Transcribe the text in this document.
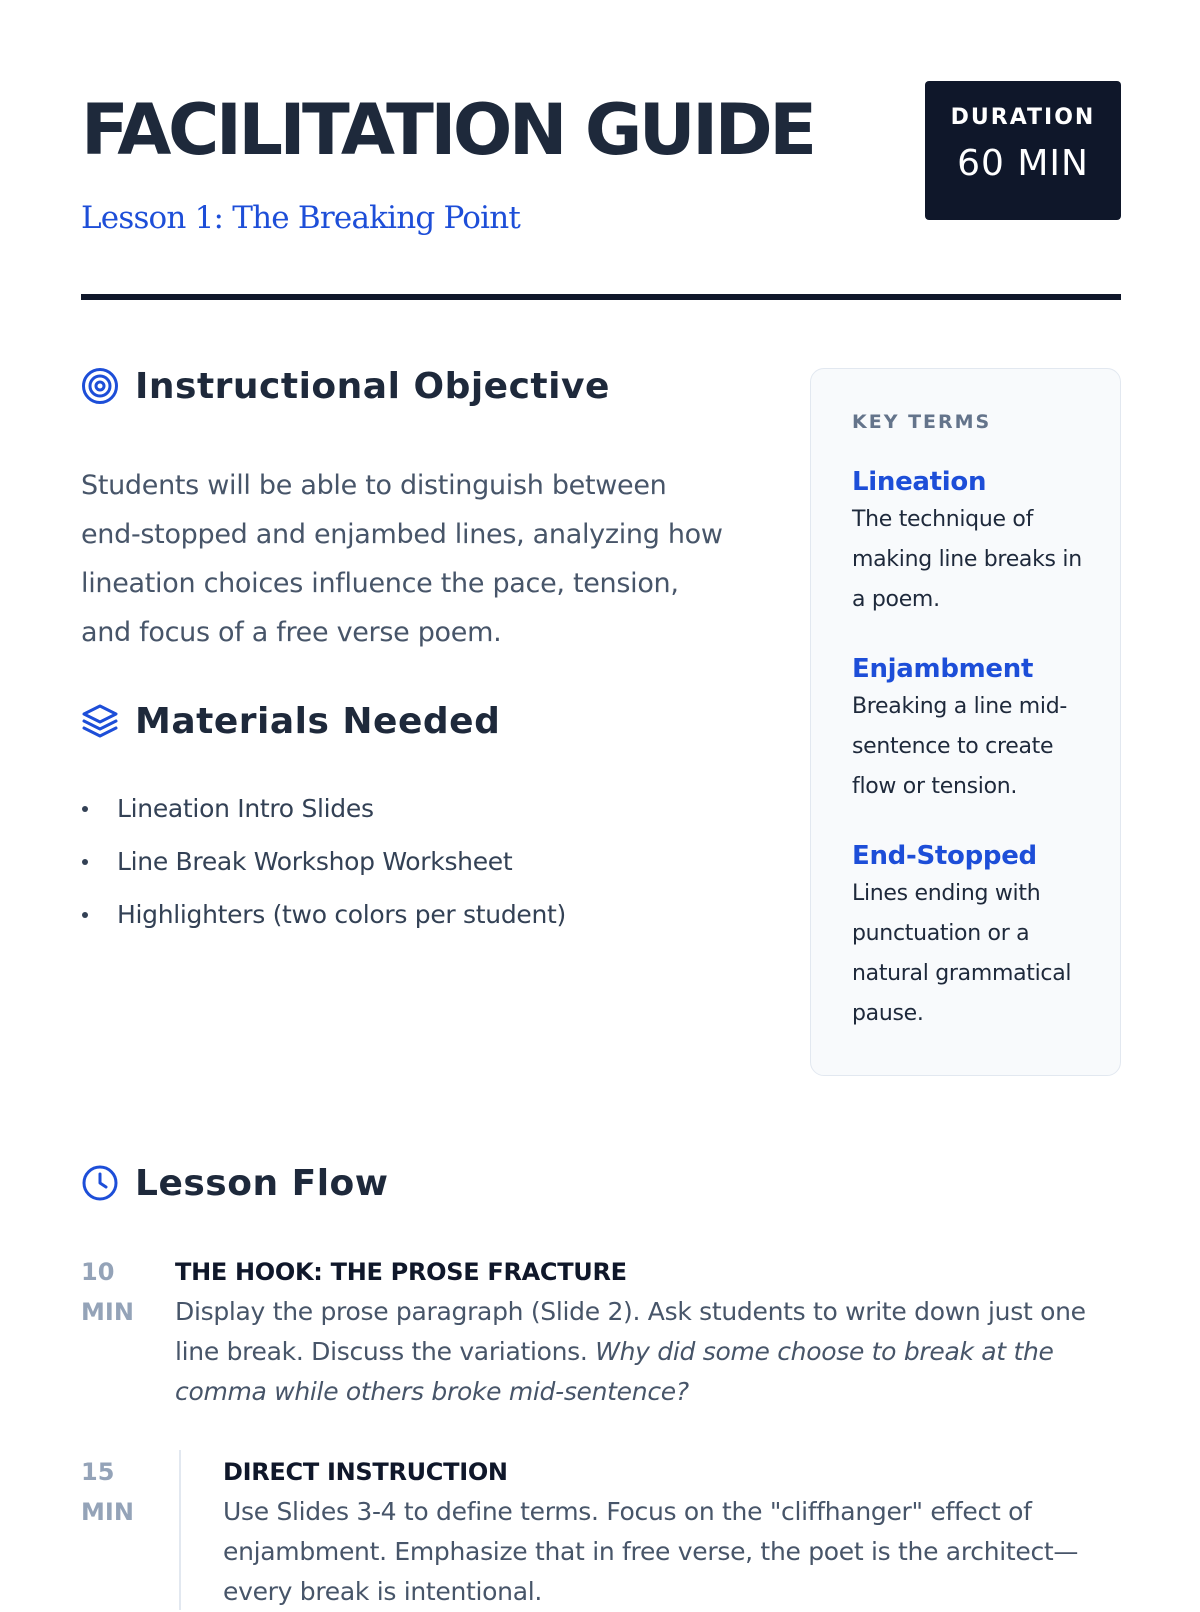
FACILITATION GUIDE
Lesson 1: The Breaking Point
DURATION
60 MIN
Instructional Objective

Students will be able to distinguish between end-stopped and enjambed lines, analyzing how lineation choices influence the pace, tension, and focus of a free verse poem.

Materials Needed
Lineation Intro Slides
Line Break Workshop Worksheet
Highlighters (two colors per student)
KEY TERMS
Lineation
The technique of making line breaks in a poem.
Enjambment
Breaking a line mid-sentence to create flow or tension.
End-Stopped
Lines ending with punctuation or a natural grammatical pause.
Lesson Flow
10
MIN
THE HOOK: THE PROSE FRACTURE
Display the prose paragraph (Slide 2). Ask students to write down just one line break. Discuss the variations. Why did some choose to break at the comma while others broke mid-sentence?
15
MIN
DIRECT INSTRUCTION
Use Slides 3-4 to define terms. Focus on the "cliffhanger" effect of enjambment. Emphasize that in free verse, the poet is the architect—every break is intentional.
